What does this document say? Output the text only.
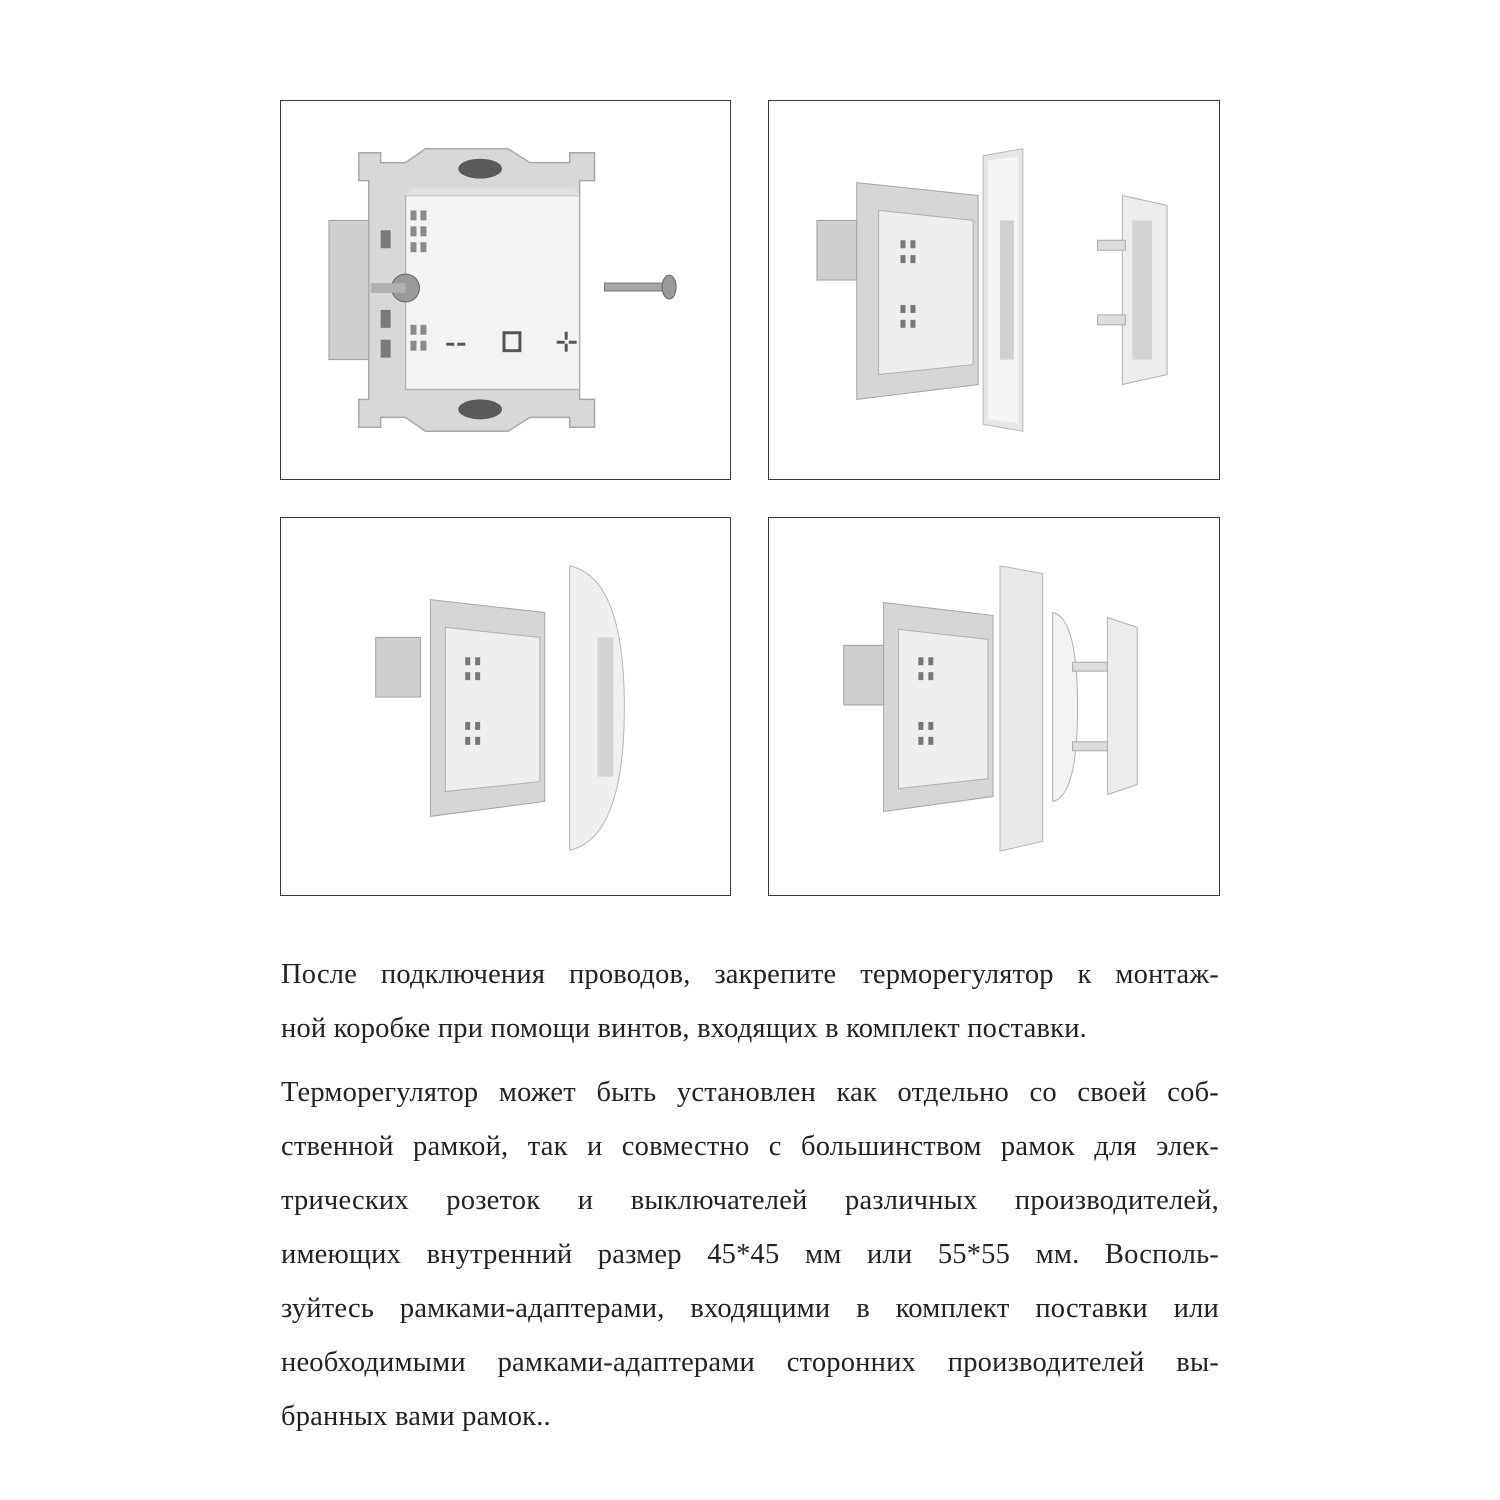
После подключения проводов, закрепите терморегулятор к монтаж-
ной коробке при помощи винтов, входящих в комплект поставки.

Терморегулятор может быть установлен как отдельно со своей соб-
ственной рамкой, так и совместно с большинством рамок для элек-
трических розеток и выключателей различных производителей,
имеющих внутренний размер 45*45 мм или 55*55 мм. Восполь-
зуйтесь рамками-адаптерами, входящими в комплект поставки или
необходимыми рамками-адаптерами сторонних производителей вы-
бранных вами рамок..
